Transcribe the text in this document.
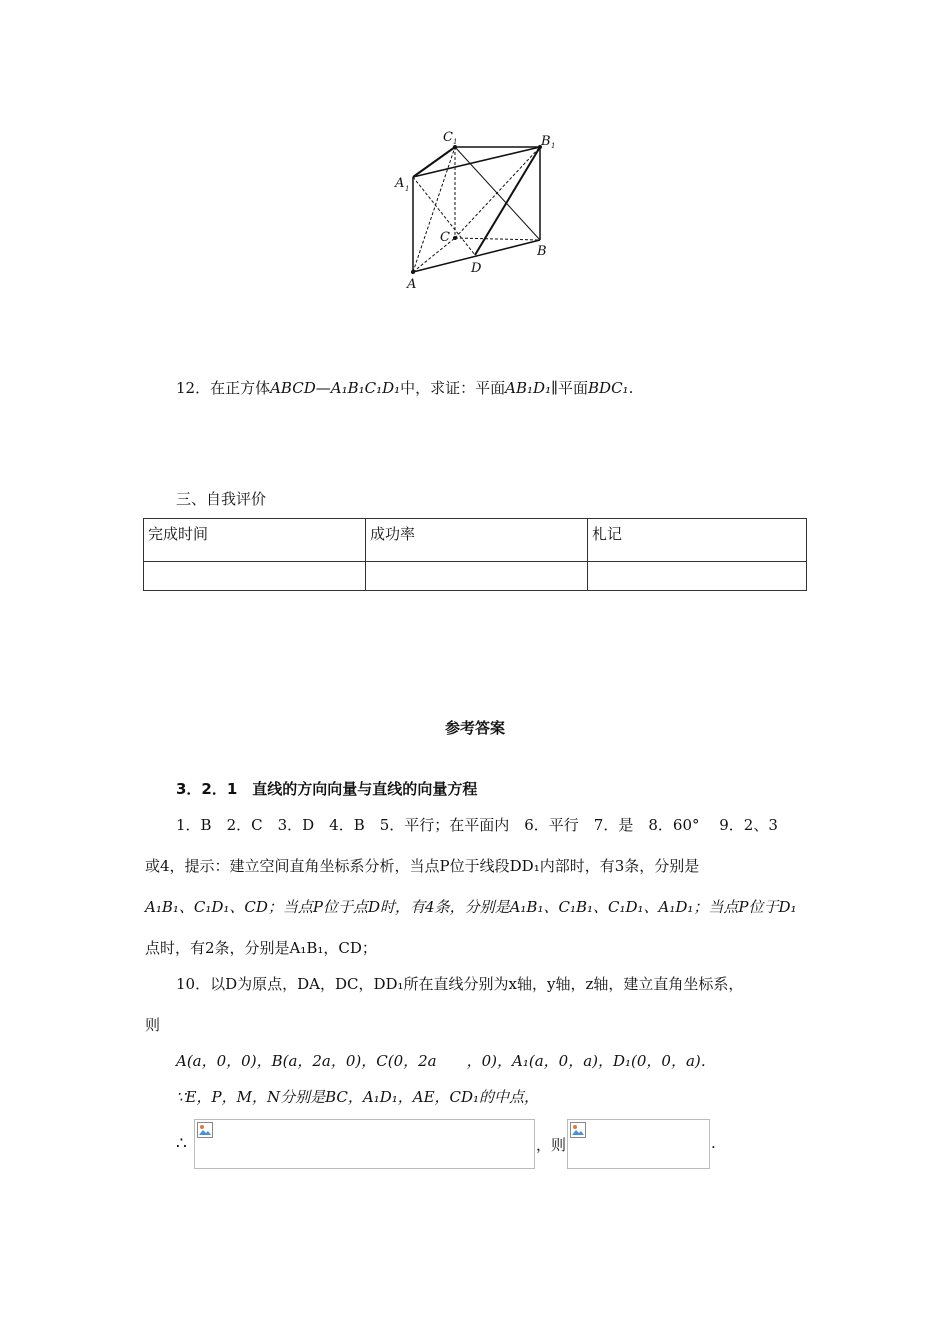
C 1	B 1
A 1
C
B
D
A
12．在正方体ABCD—A₁B₁C₁D₁中，求证：平面AB₁D₁∥平面BDC₁.
三、自我评价
完成时间	成功率	札记

参考答案
3．2．1　直线的方向向量与直线的向量方程
1．B　2．C　3．D　4．B　5．平行；在平面内　6．平行　7．是　8．60°　 9．2、3
或4，提示：建立空间直角坐标系分析，当点P位于线段DD₁内部时，有3条，分别是
A₁B₁、C₁D₁、CD；当点P位于点D时，有4条，分别是A₁B₁、C₁B₁、C₁D₁、A₁D₁；当点P位于D₁
点时，有2条，分别是A₁B₁，CD；
10．以D为原点，DA，DC，DD₁所在直线分别为x轴，y轴，z轴，建立直角坐标系，
则
A(a，0，0)，B(a，2a，0)，C(0，2a　　，0)，A₁(a，0，a)，D₁(0，0，a)．
∵E，P，M，N分别是BC，A₁D₁，AE，CD₁的中点，
∴	，则	.
